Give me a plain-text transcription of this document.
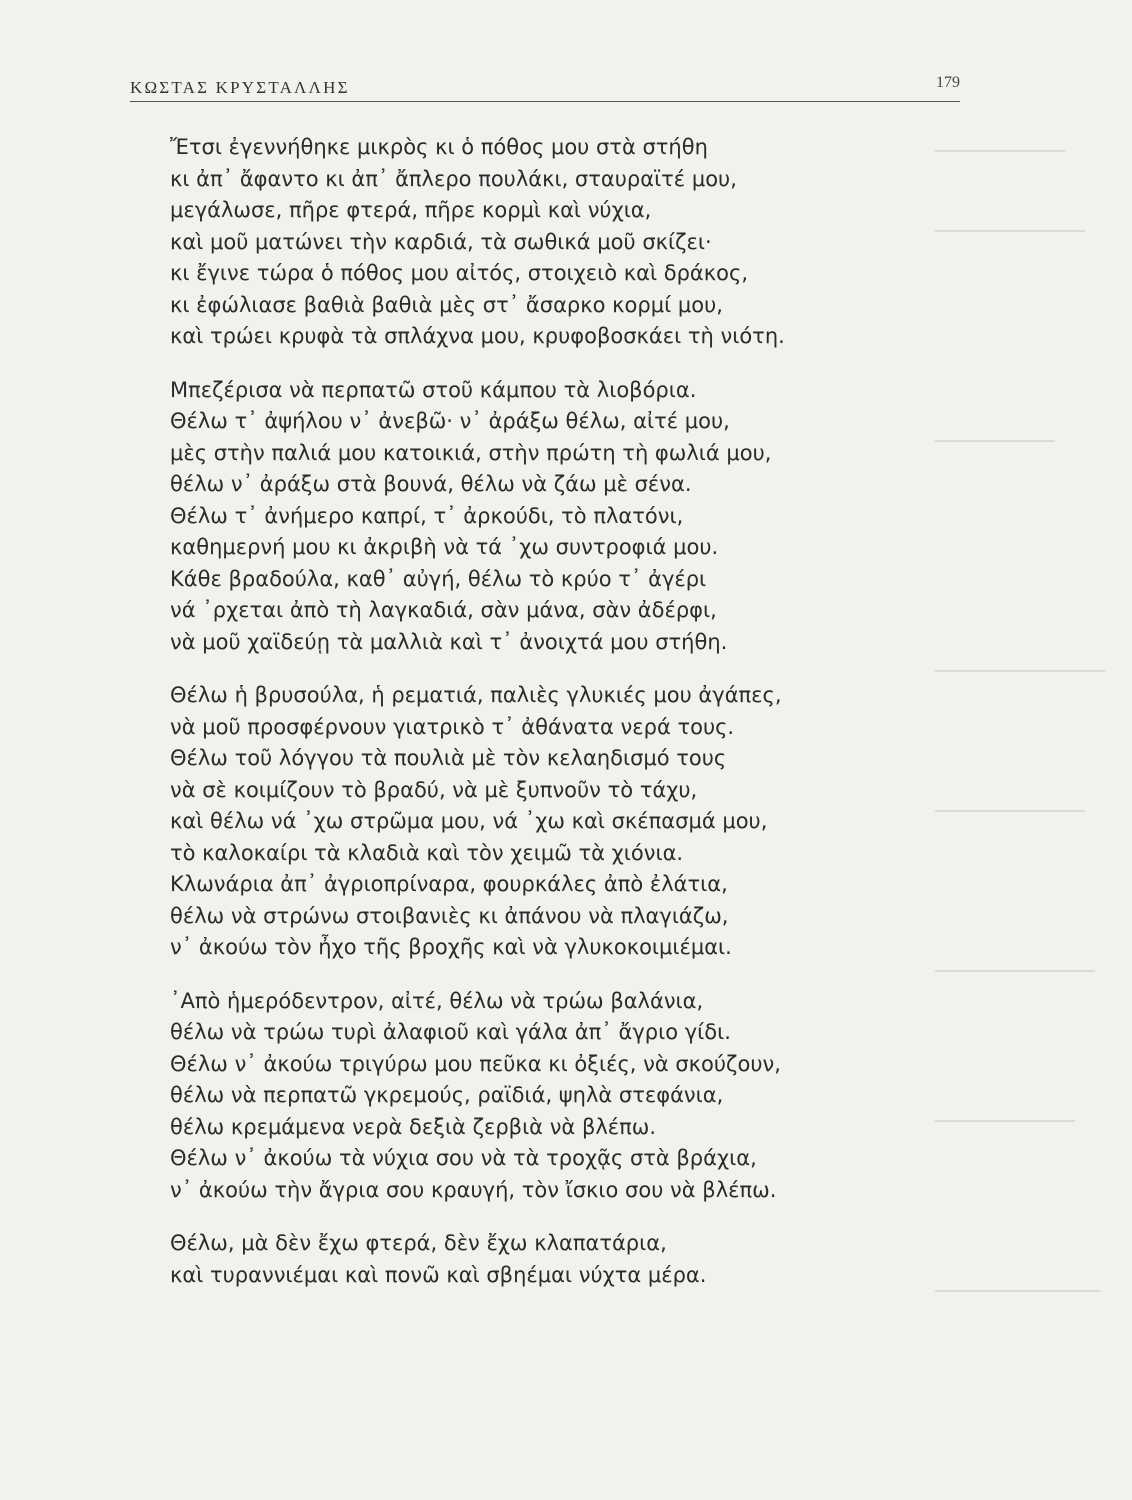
ΚΩΣΤΑΣ ΚΡΥΣΤΑΛΛΗΣ	179
Ἔτσι ἐγεννήθηκε μικρὸς κι ὁ πόθος μου στὰ στήθη
κι ἀπ᾽ ἄφαντο κι ἀπ᾽ ἄπλερο πουλάκι, σταυραϊτέ μου,
μεγάλωσε, πῆρε φτερά, πῆρε κορμὶ καὶ νύχια,
καὶ μοῦ ματώνει τὴν καρδιά, τὰ σωθικά μοῦ σκίζει·
κι ἔγινε τώρα ὁ πόθος μου αἰτός, στοιχειὸ καὶ δράκος,
κι ἐφώλιασε βαθιὰ βαθιὰ μὲς στ᾽ ἄσαρκο κορμί μου,
καὶ τρώει κρυφὰ τὰ σπλάχνα μου, κρυφοβοσκάει τὴ νιότη.
Μπεζέρισα νὰ περπατῶ στοῦ κάμπου τὰ λιοβόρια.
Θέλω τ᾽ ἀψήλου ν᾽ ἀνεβῶ· ν᾽ ἀράξω θέλω, αἰτέ μου,
μὲς στὴν παλιά μου κατοικιά, στὴν πρώτη τὴ φωλιά μου,
θέλω ν᾽ ἀράξω στὰ βουνά, θέλω νὰ ζάω μὲ σένα.
Θέλω τ᾽ ἀνήμερο καπρί, τ᾽ ἀρκούδι, τὸ πλατόνι,
καθημερνή μου κι ἀκριβὴ νὰ τά ᾽χω συντροφιά μου.
Κάθε βραδούλα, καθ᾽ αὐγή, θέλω τὸ κρύο τ᾽ ἀγέρι
νά ᾽ρχεται ἀπὸ τὴ λαγκαδιά, σὰν μάνα, σὰν ἀδέρφι,
νὰ μοῦ χαϊδεύῃ τὰ μαλλιὰ καὶ τ᾽ ἀνοιχτά μου στήθη.
Θέλω ἡ βρυσούλα, ἡ ρεματιά, παλιὲς γλυκιές μου ἀγάπες,
νὰ μοῦ προσφέρνουν γιατρικὸ τ᾽ ἀθάνατα νερά τους.
Θέλω τοῦ λόγγου τὰ πουλιὰ μὲ τὸν κελαηδισμό τους
νὰ σὲ κοιμίζουν τὸ βραδύ, νὰ μὲ ξυπνοῦν τὸ τάχυ,
καὶ θέλω νά ᾽χω στρῶμα μου, νά ᾽χω καὶ σκέπασμά μου,
τὸ καλοκαίρι τὰ κλαδιὰ καὶ τὸν χειμῶ τὰ χιόνια.
Κλωνάρια ἀπ᾽ ἀγριοπρίναρα, φουρκάλες ἀπὸ ἐλάτια,
θέλω νὰ στρώνω στοιβανιὲς κι ἀπάνου νὰ πλαγιάζω,
ν᾽ ἀκούω τὸν ἦχο τῆς βροχῆς καὶ νὰ γλυκοκοιμιέμαι.
᾽Απὸ ἡμερόδεντρον, αἰτέ, θέλω νὰ τρώω βαλάνια,
θέλω νὰ τρώω τυρὶ ἀλαφιοῦ καὶ γάλα ἀπ᾽ ἄγριο γίδι.
Θέλω ν᾽ ἀκούω τριγύρω μου πεῦκα κι ὀξιές, νὰ σκούζουν,
θέλω νὰ περπατῶ γκρεμούς, ραϊδιά, ψηλὰ στεφάνια,
θέλω κρεμάμενα νερὰ δεξιὰ ζερβιὰ νὰ βλέπω.
Θέλω ν᾽ ἀκούω τὰ νύχια σου νὰ τὰ τροχᾷς στὰ βράχια,
ν᾽ ἀκούω τὴν ἄγρια σου κραυγή, τὸν ἴσκιο σου νὰ βλέπω.
Θέλω, μὰ δὲν ἔχω φτερά, δὲν ἔχω κλαπατάρια,
καὶ τυραννιέμαι καὶ πονῶ καὶ σβηέμαι νύχτα μέρα.
